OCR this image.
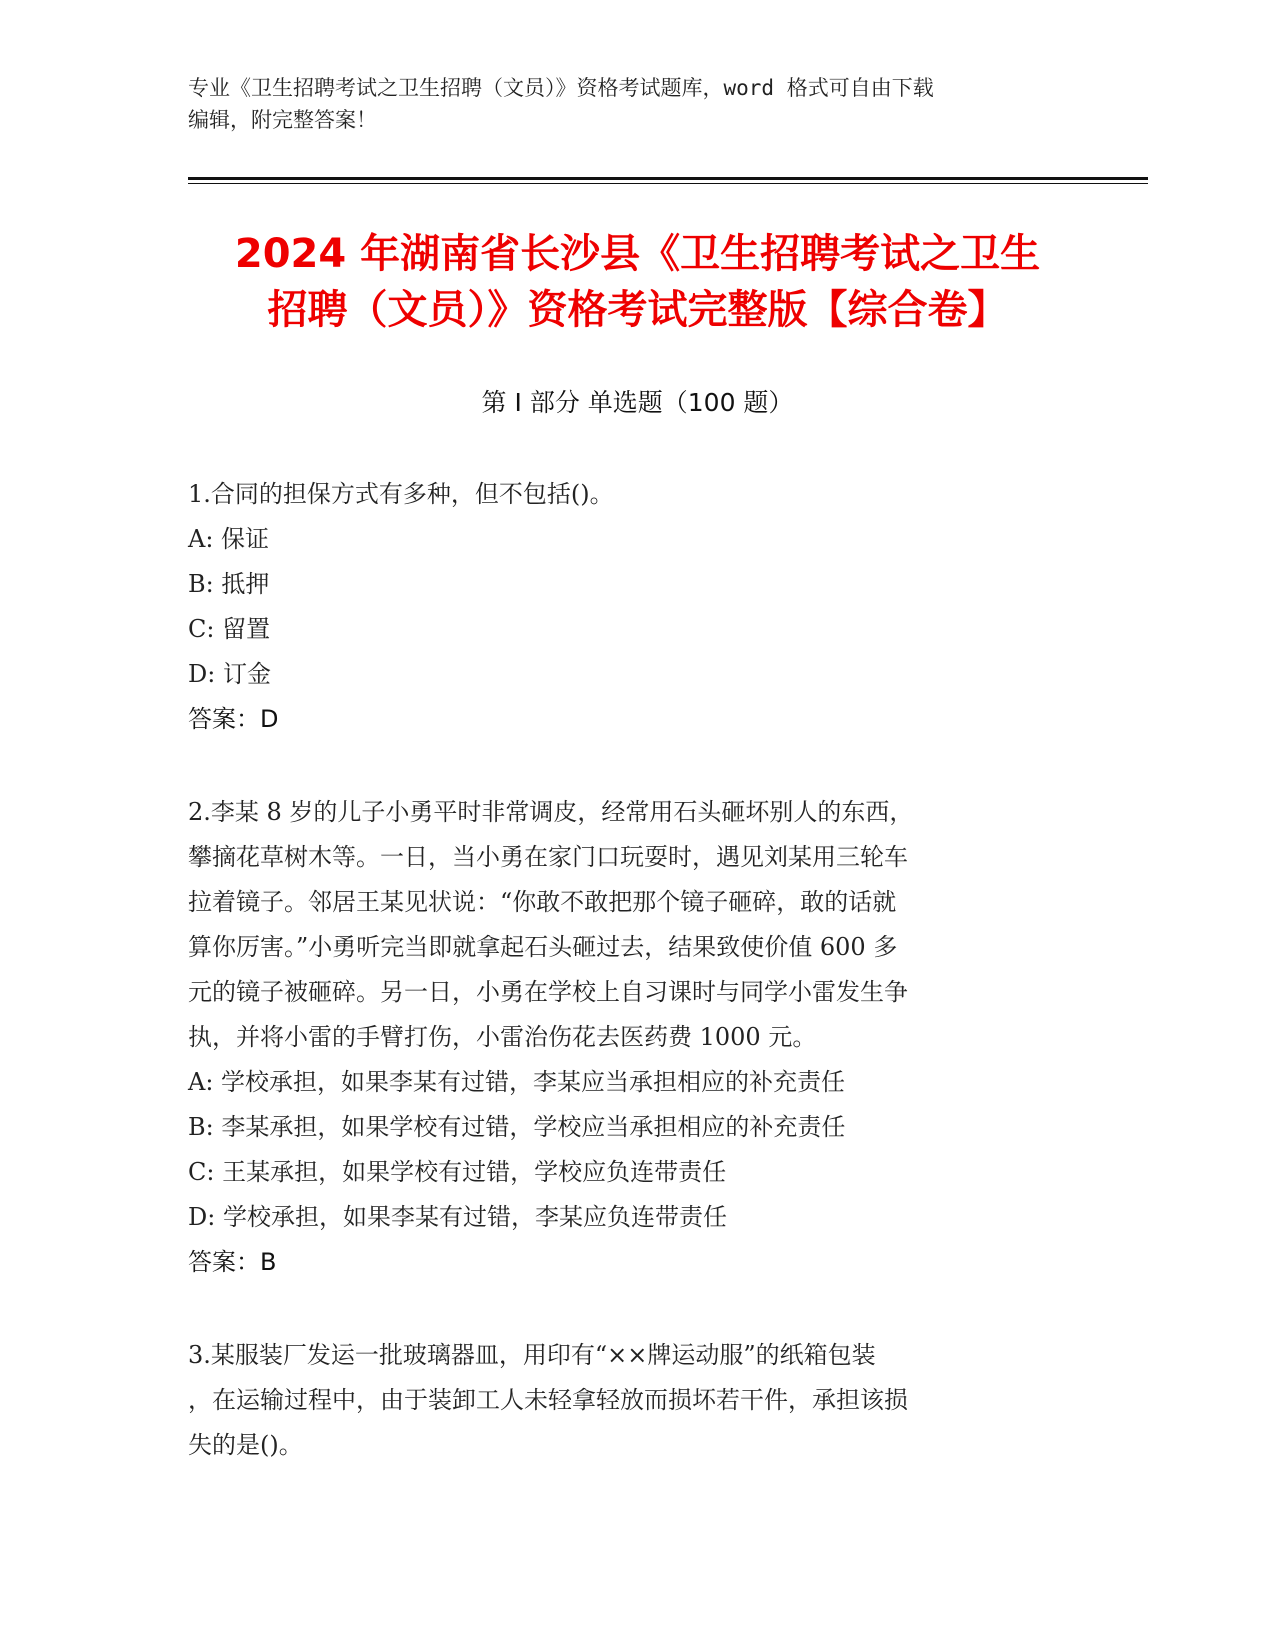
专业《卫生招聘考试之卫生招聘（文员）》资格考试题库，word 格式可自由下载
编辑，附完整答案！
2024 年湖南省长沙县《卫生招聘考试之卫生
招聘（文员）》资格考试完整版【综合卷】
第 I 部分 单选题（100 题）
1.合同的担保方式有多种，但不包括()。
A: 保证
B: 抵押
C: 留置
D: 订金
答案：D
2.李某 8 岁的儿子小勇平时非常调皮，经常用石头砸坏别人的东西，
攀摘花草树木等。一日，当小勇在家门口玩耍时，遇见刘某用三轮车
拉着镜子。邻居王某见状说：“你敢不敢把那个镜子砸碎，敢的话就
算你厉害。”小勇听完当即就拿起石头砸过去，结果致使价值 600 多
元的镜子被砸碎。另一日，小勇在学校上自习课时与同学小雷发生争
执，并将小雷的手臂打伤，小雷治伤花去医药费 1000 元。
A: 学校承担，如果李某有过错，李某应当承担相应的补充责任
B: 李某承担，如果学校有过错，学校应当承担相应的补充责任
C: 王某承担，如果学校有过错，学校应负连带责任
D: 学校承担，如果李某有过错，李某应负连带责任
答案：B
3.某服装厂发运一批玻璃器皿，用印有“××牌运动服”的纸箱包装
，在运输过程中，由于装卸工人未轻拿轻放而损坏若干件，承担该损
失的是()。
